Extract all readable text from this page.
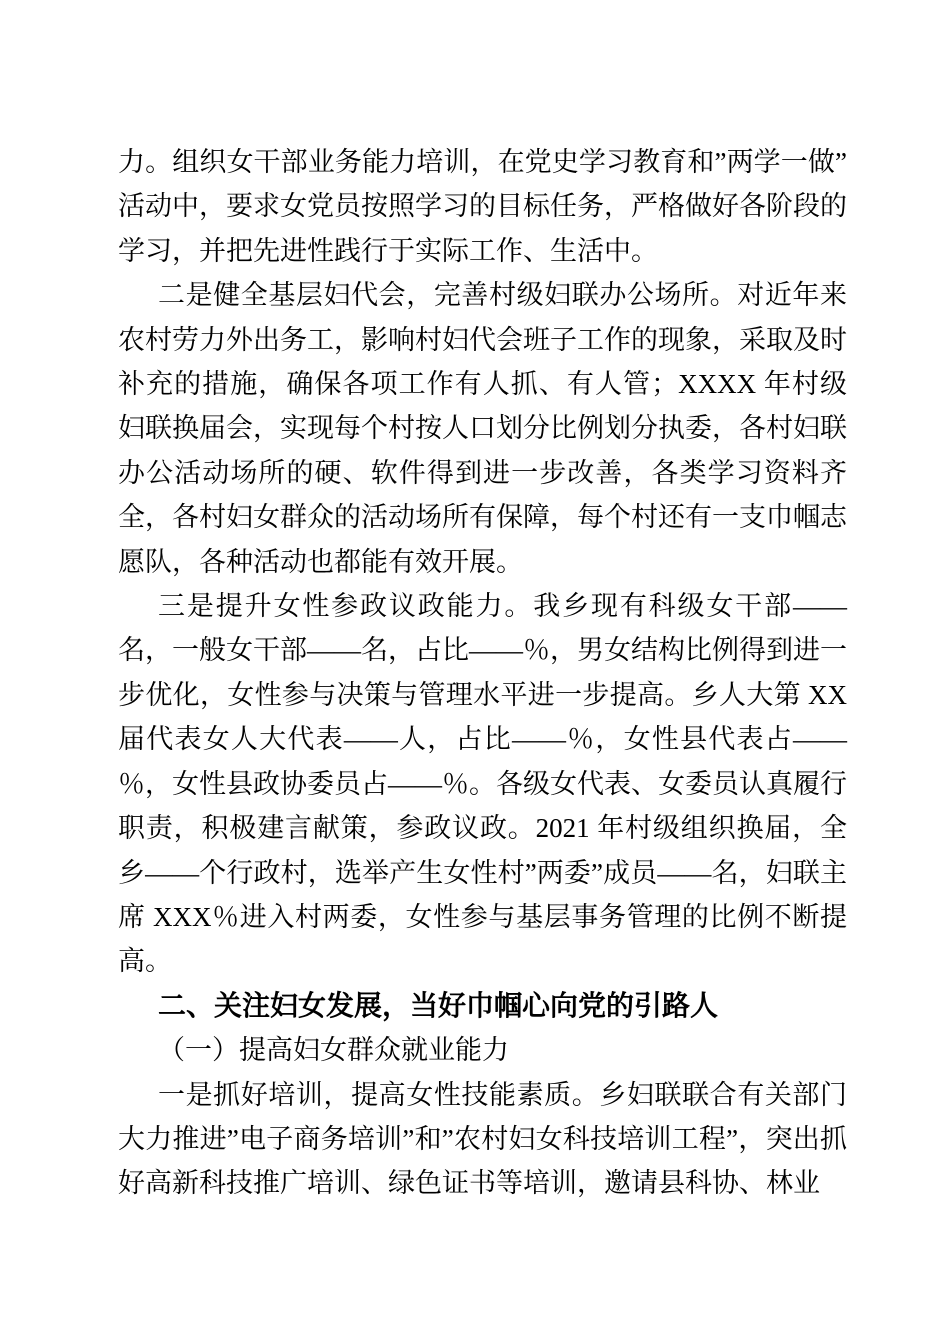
力。组织女干部业务能力培训，在党史学习教育和”两学一做”活动中，要求女党员按照学习的目标任务，严格做好各阶段的学习，并把先进性践行于实际工作、生活中。

二是健全基层妇代会，完善村级妇联办公场所。对近年来农村劳力外出务工，影响村妇代会班子工作的现象，采取及时补充的措施，确保各项工作有人抓、有人管；XXXX 年村级妇联换届会，实现每个村按人口划分比例划分执委，各村妇联办公活动场所的硬、软件得到进一步改善，各类学习资料齐全，各村妇女群众的活动场所有保障，每个村还有一支巾帼志愿队，各种活动也都能有效开展。

三是提升女性参政议政能力。我乡现有科级女干部——名，一般女干部——名，占比——％，男女结构比例得到进一步优化，女性参与决策与管理水平进一步提高。乡人大第 XX 届代表女人大代表——人，占比——％，女性县代表占——％，女性县政协委员占——％。各级女代表、女委员认真履行职责，积极建言献策，参政议政。2021 年村级组织换届，全乡——个行政村，选举产生女性村”两委”成员——名，妇联主席 XXX％进入村两委，女性参与基层事务管理的比例不断提高。

二、关注妇女发展，当好巾帼心向党的引路人
（一）提高妇女群众就业能力

一是抓好培训，提高女性技能素质。乡妇联联合有关部门大力推进”电子商务培训”和”农村妇女科技培训工程”，突出抓好高新科技推广培训、绿色证书等培训，邀请县科协、林业
